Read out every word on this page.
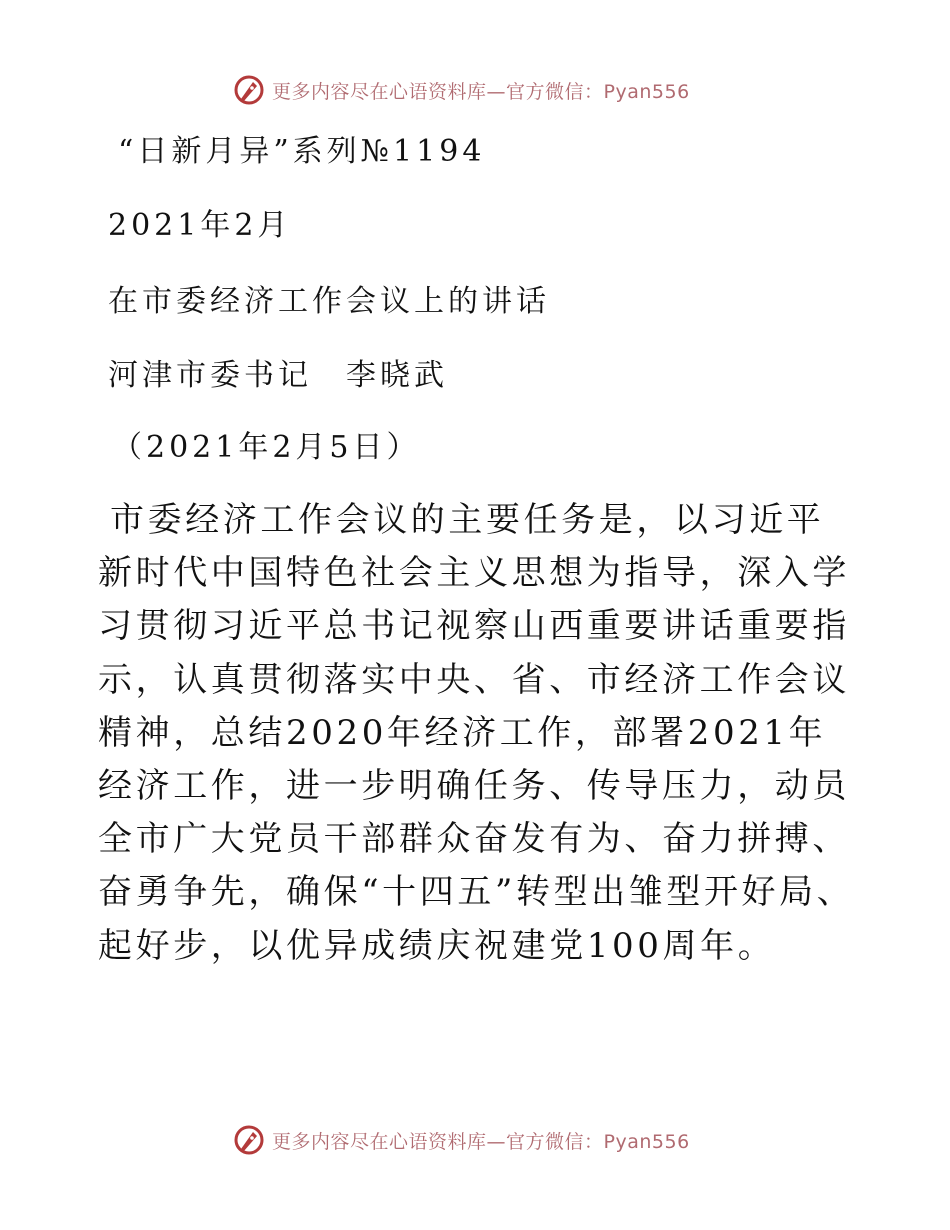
更多内容尽在心语资料库—官方微信：Pyan556
“日新月异”系列№1194
2021年2月
在市委经济工作会议上的讲话
河津市委书记　李晓武
（2021年2月5日）
市委经济工作会议的主要任务是，以习近平新时代中国特色社会主义思想为指导，深入学习贯彻习近平总书记视察山西重要讲话重要指示，认真贯彻落实中央、省、市经济工作会议精神，总结2020年经济工作，部署2021年经济工作，进一步明确任务、传导压力，动员全市广大党员干部群众奋发有为、奋力拼搏、奋勇争先，确保“十四五”转型出雏型开好局、起好步，以优异成绩庆祝建党100周年。
更多内容尽在心语资料库—官方微信：Pyan556
